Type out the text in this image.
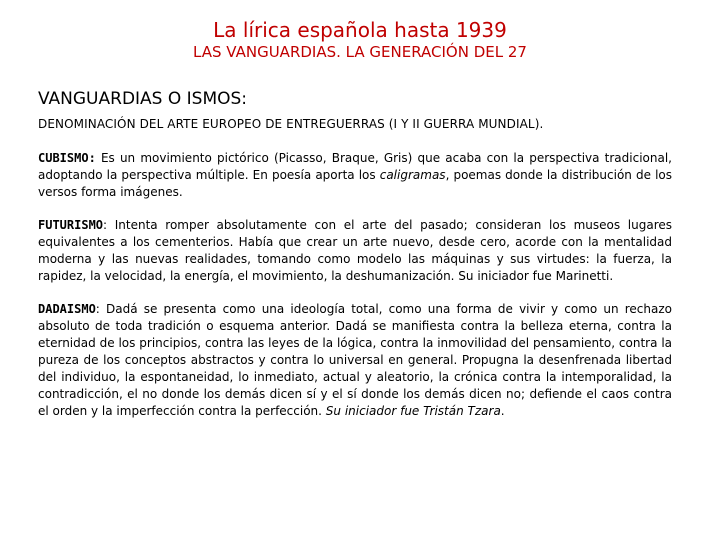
La lírica española hasta 1939
LAS VANGUARDIAS. LA GENERACIÓN DEL 27
VANGUARDIAS O ISMOS:
DENOMINACIÓN DEL ARTE EUROPEO DE ENTREGUERRAS (I Y II GUERRA MUNDIAL).
CUBISMO: Es un movimiento pictórico (Picasso, Braque, Gris) que acaba con la perspectiva tradicional, adoptando la perspectiva múltiple. En poesía aporta los caligramas, poemas donde la distribución de los versos forma imágenes.
FUTURISMO: Intenta romper absolutamente con el arte del pasado; consideran los museos lugares equivalentes a los cementerios. Había que crear un arte nuevo, desde cero, acorde con la mentalidad moderna y las nuevas realidades, tomando como modelo las máquinas y sus virtudes: la fuerza, la rapidez, la velocidad, la energía, el movimiento, la deshumanización. Su iniciador fue Marinetti.
DADAISMO: Dadá se presenta como una ideología total, como una forma de vivir y como un rechazo absoluto de toda tradición o esquema anterior. Dadá se manifiesta contra la belleza eterna, contra la eternidad de los principios, contra las leyes de la lógica, contra la inmovilidad del pensamiento, contra la pureza de los conceptos abstractos y contra lo universal en general. Propugna la desenfrenada libertad del individuo, la espontaneidad, lo inmediato, actual y aleatorio, la crónica contra la intemporalidad, la contradicción, el no donde los demás dicen sí y el sí donde los demás dicen no; defiende el caos contra el orden y la imperfección contra la perfección. Su iniciador fue Tristán Tzara.
